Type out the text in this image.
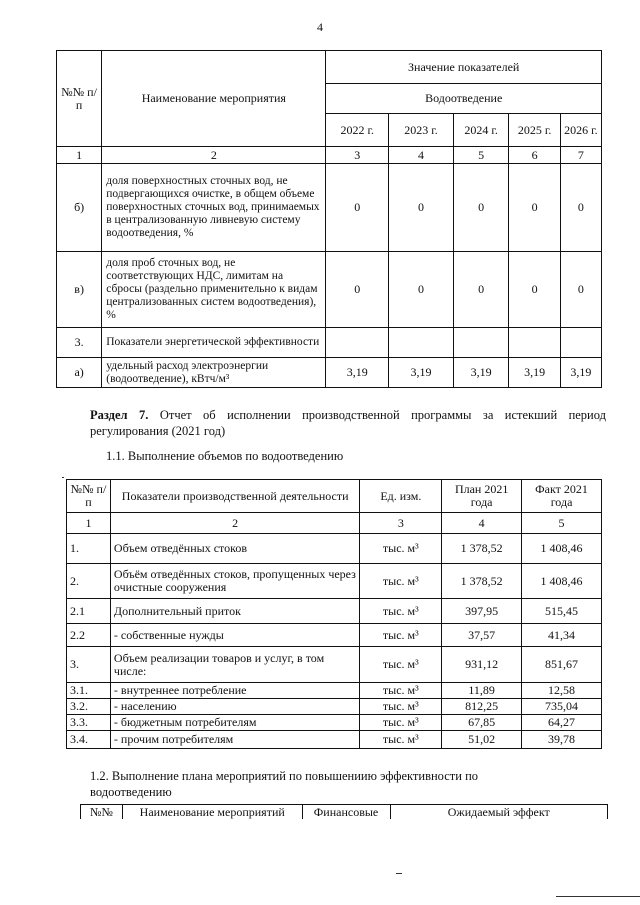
4
№№ п/п	Наименование мероприятия	Значение показателей				
		Водоотведение				
		2022 г.	2023 г.	2024 г.	2025 г.	2026 г.
1	2	3	4	5	6	7
б)	доля поверхностных сточных вод, не подвергающихся очистке, в общем объеме поверхностных сточных вод, принимаемых в централизованную ливневую систему водоотведения, %	0	0	0	0	0
в)	доля проб сточных вод, не соответствующих НДС, лимитам на сбросы (раздельно применительно к видам централизованных систем водоотведения), %	0	0	0	0	0
3.	Показатели энергетической эффективности					
а)	удельный расход электроэнергии (водоотведение), кВтч/м³	3,19	3,19	3,19	3,19	3,19
Раздел 7. Отчет об исполнении производственной программы за истекший период регулирования (2021 год)
1.1. Выполнение объемов по водоотведению
№№ п/п	Показатели производственной деятельности	Ед. изм.	План 2021 года	Факт 2021 года
1	2	3	4	5
1.	Объем отведённых стоков	тыс. м³	1 378,52	1 408,46
2.	Объём отведённых стоков, пропущенных через очистные сооружения	тыс. м³	1 378,52	1 408,46
2.1	Дополнительный приток	тыс. м³	397,95	515,45
2.2	- собственные нужды	тыс. м³	37,57	41,34
3.	Объем реализации товаров и услуг, в том числе:	тыс. м³	931,12	851,67
3.1.	- внутреннее потребление	тыс. м³	11,89	12,58
3.2.	- населению	тыс. м³	812,25	735,04
3.3.	- бюджетным потребителям	тыс. м³	67,85	64,27
3.4.	- прочим потребителям	тыс. м³	51,02	39,78
1.2. Выполнение плана мероприятий по повышениию эффективности по водоотведению
№№	Наименование мероприятий	Финансовые	Ожидаемый эффект
